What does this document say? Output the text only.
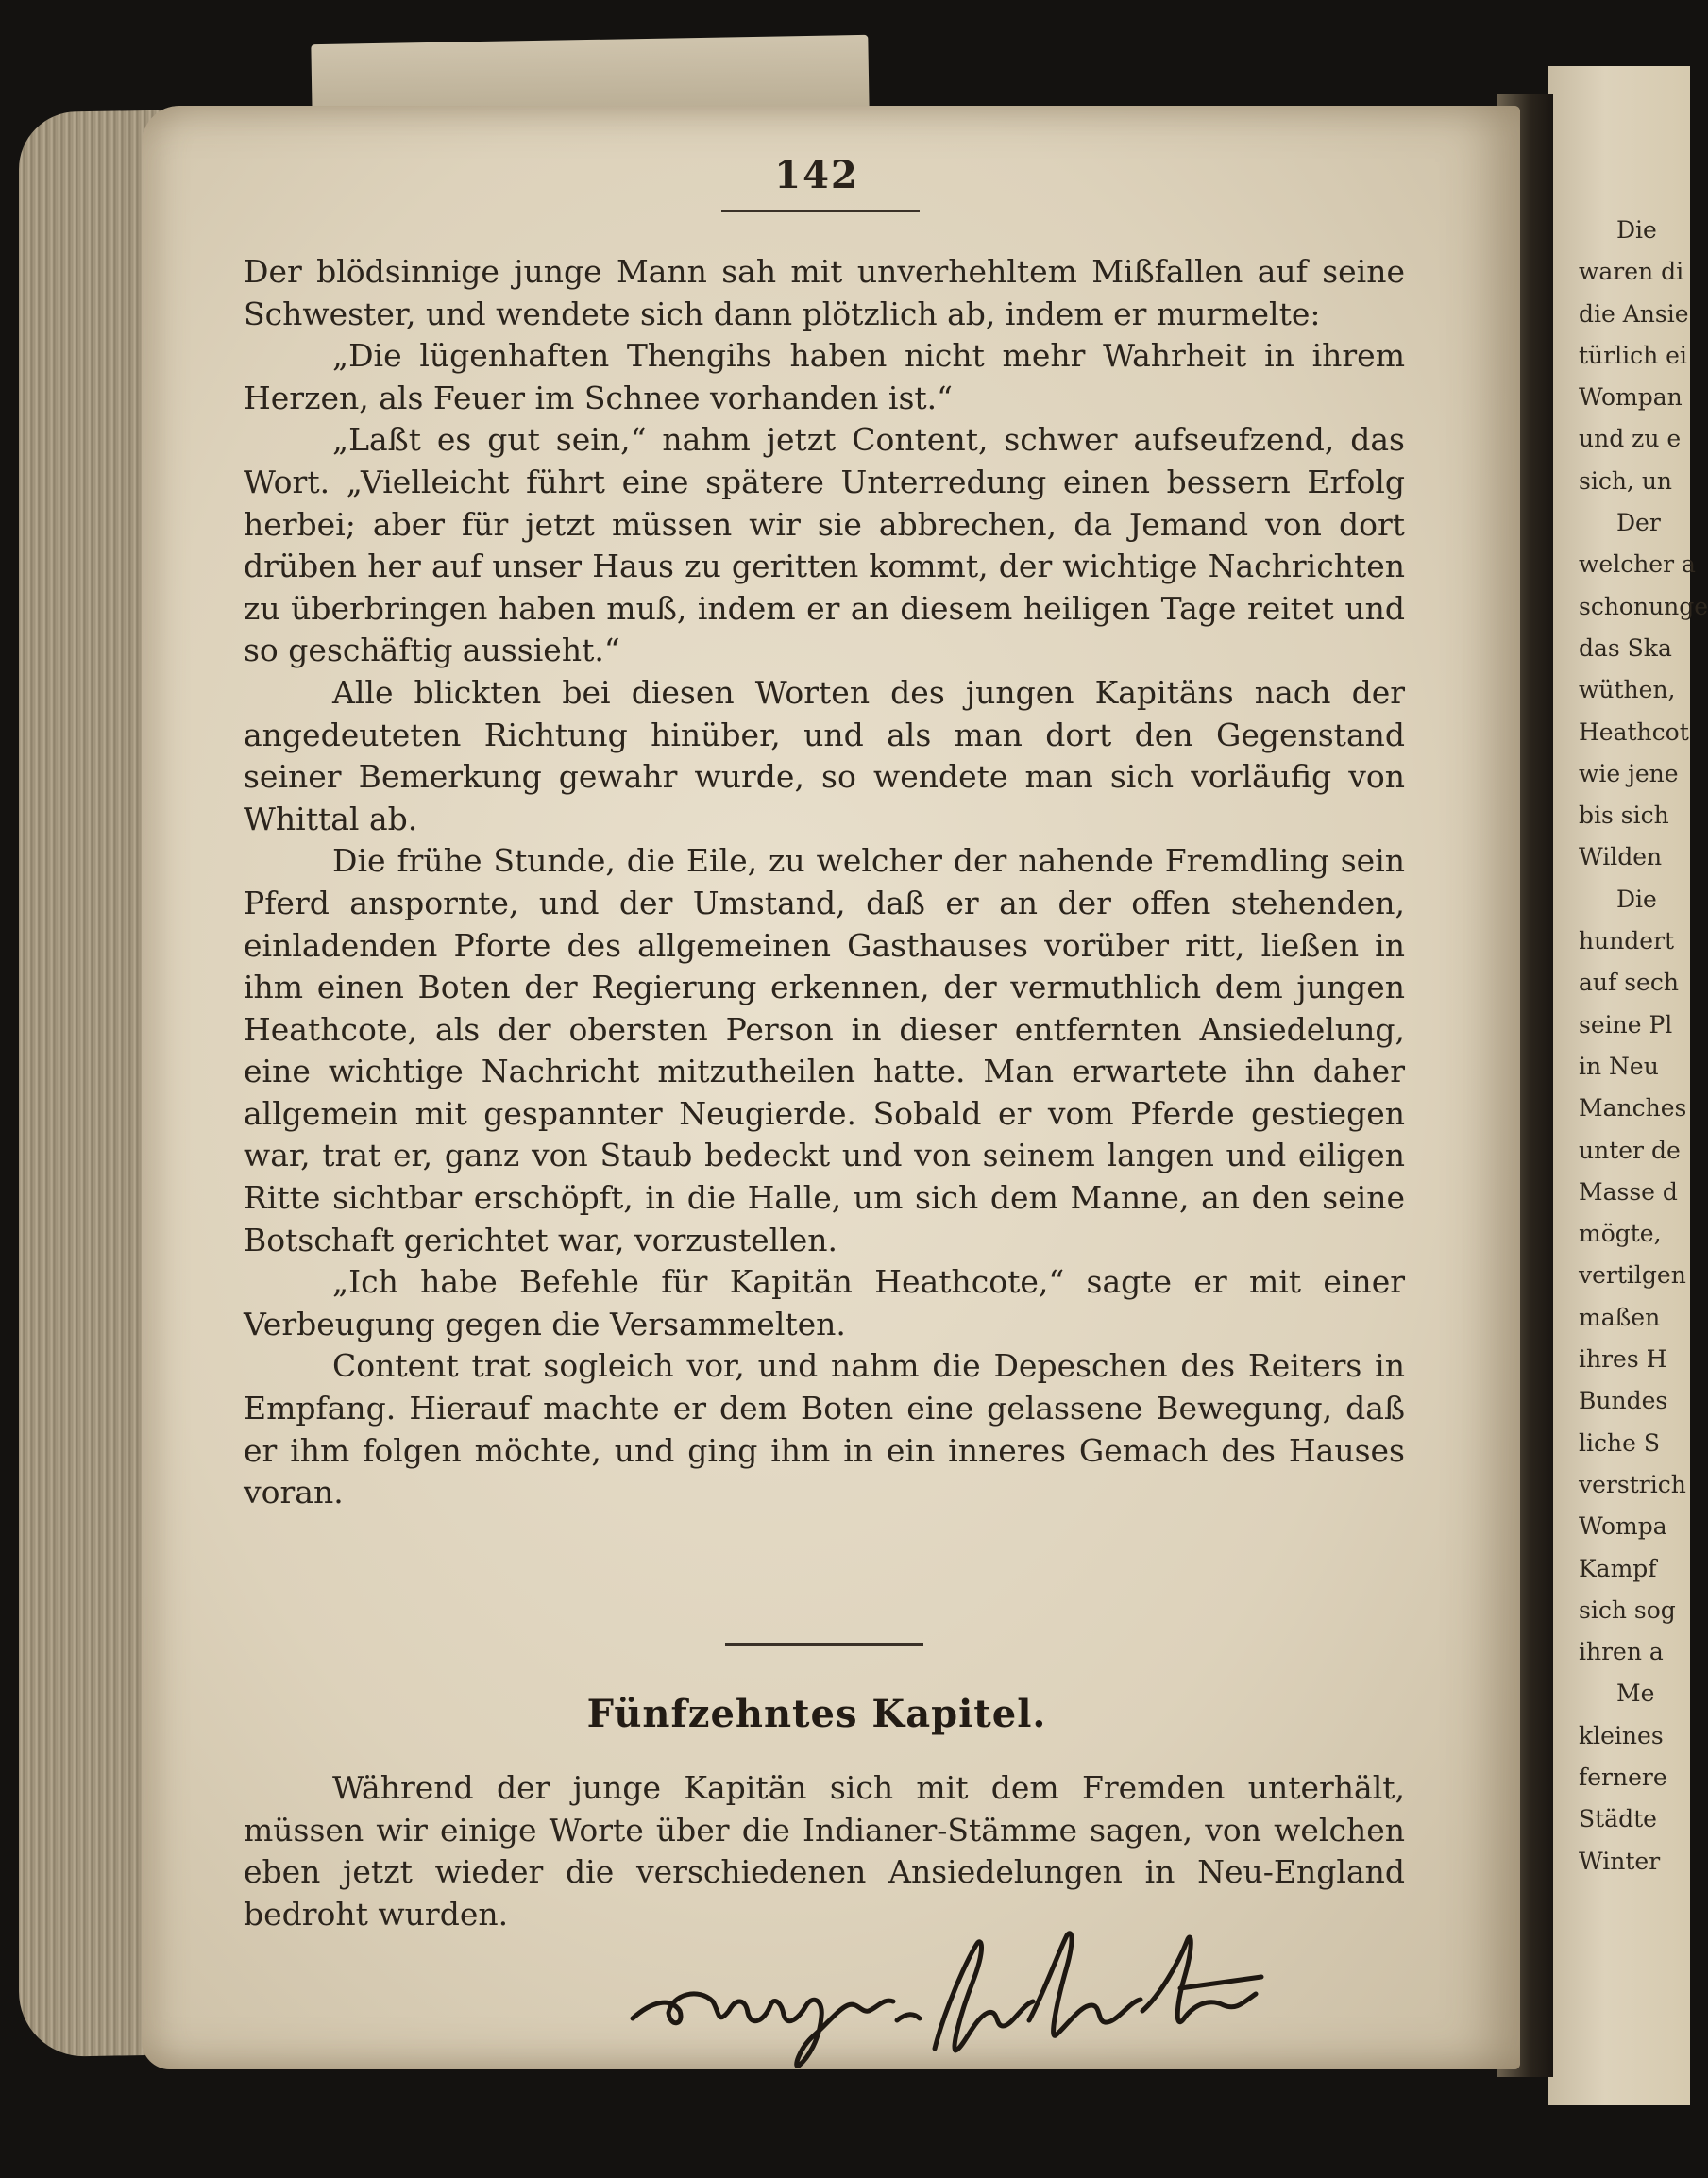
Die
waren di
die Ansie
türlich ei
Wompan
und zu e
sich, un
Der
welcher a
schonunge
das Ska
wüthen,
Heathcot
wie jene
bis sich
Wilden
Die
hundert
auf sech
seine Pl
in Neu
Manches
unter de
Masse d
mögte,
vertilgen
maßen
ihres H
Bundes
liche S
verstrich
Wompa
Kampf
sich sog
ihren a
Me
kleines
fernere
Städte
Winter
142

Der blödsinnige junge Mann sah mit unverhehltem Mißfallen auf seine Schwester, und wendete sich dann plötzlich ab, indem er murmelte:

„Die lügenhaften Thengihs haben nicht mehr Wahrheit in ihrem Herzen, als Feuer im Schnee vorhanden ist.“

„Laßt es gut sein,“ nahm jetzt Content, schwer aufseufzend, das Wort. „Vielleicht führt eine spätere Unterredung einen bessern Erfolg herbei; aber für jetzt müssen wir sie abbrechen, da Jemand von dort drüben her auf unser Haus zu geritten kommt, der wichtige Nachrichten zu überbringen haben muß, indem er an diesem heiligen Tage reitet und so geschäftig aussieht.“

Alle blickten bei diesen Worten des jungen Kapitäns nach der angedeuteten Richtung hinüber, und als man dort den Gegenstand seiner Bemerkung gewahr wurde, so wendete man sich vorläufig von Whittal ab.

Die frühe Stunde, die Eile, zu welcher der nahende Fremdling sein Pferd anspornte, und der Umstand, daß er an der offen stehenden, einladenden Pforte des allgemeinen Gasthauses vorüber ritt, ließen in ihm einen Boten der Regierung erkennen, der vermuthlich dem jungen Heathcote, als der obersten Person in dieser entfernten Ansiedelung, eine wichtige Nachricht mitzutheilen hatte. Man erwartete ihn daher allgemein mit gespannter Neugierde. Sobald er vom Pferde gestiegen war, trat er, ganz von Staub bedeckt und von seinem langen und eiligen Ritte sichtbar erschöpft, in die Halle, um sich dem Manne, an den seine Botschaft gerichtet war, vorzustellen.

„Ich habe Befehle für Kapitän Heathcote,“ sagte er mit einer Verbeugung gegen die Versammelten.

Content trat sogleich vor, und nahm die Depeschen des Reiters in Empfang. Hierauf machte er dem Boten eine gelassene Bewegung, daß er ihm folgen möchte, und ging ihm in ein inneres Gemach des Hauses voran.

Fünfzehntes Kapitel.

Während der junge Kapitän sich mit dem Fremden unterhält, müssen wir einige Worte über die Indianer-Stämme sagen, von welchen eben jetzt wieder die verschiedenen Ansiedelungen in Neu-England bedroht wurden.
